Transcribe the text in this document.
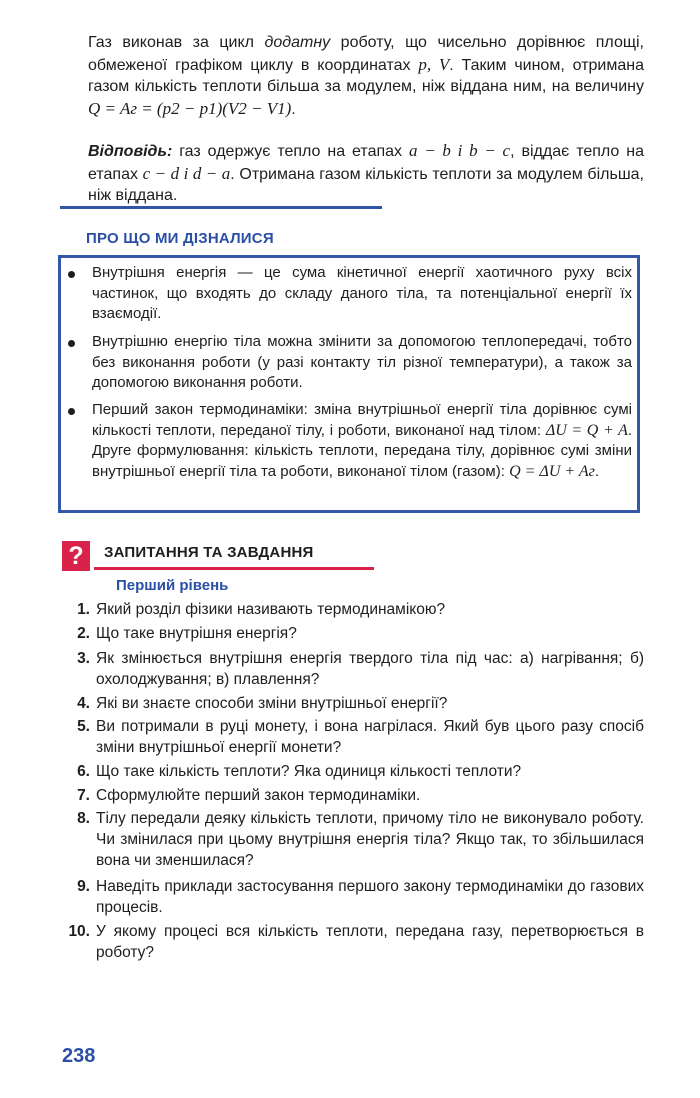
Газ виконав за цикл додатну роботу, що чисельно дорівнює площі, обмеженої графіком циклу в координатах p, V. Таким чином, отримана газом кількість теплоти більша за модулем, ніж віддана ним, на величину Q = Aг = (p2 − p1)(V2 − V1).

Відповідь: газ одержує тепло на етапах a − b і b − c, віддає тепло на етапах c − d і d − a. Отримана газом кількість теплоти за модулем більша, ніж віддана.

ПРО ЩО МИ ДІЗНАЛИСЯ

Внутрішня енергія — це сума кінетичної енергії хаотичного руху всіх частинок, що входять до складу даного тіла, та потенціальної енергії їх взаємодії.

Внутрішню енергію тіла можна змінити за допомогою теплопередачі, тобто без виконання роботи (у разі контакту тіл різної температури), а також за допомогою виконання роботи.

Перший закон термодинаміки: зміна внутрішньої енергії тіла дорівнює сумі кількості теплоти, переданої тілу, і роботи, виконаної над тілом: ΔU = Q + A. Друге формулювання: кількість теплоти, передана тілу, дорівнює сумі зміни внутрішньої енергії тіла та роботи, виконаної тілом (газом): Q = ΔU + Aг.

?	ЗАПИТАННЯ ТА ЗАВДАННЯ
Перший рівень
1. Який розділ фізики називають термодинамікою?

2. Що таке внутрішня енергія?

3. Як змінюється внутрішня енергія твердого тіла під час: а) нагрівання; б) охолоджування; в) плавлення?

4. Які ви знаєте способи зміни внутрішньої енергії?

5. Ви потримали в руці монету, і вона нагрілася. Який був цього разу спосіб зміни внутрішньої енергії монети?

6. Що таке кількість теплоти? Яка одиниця кількості теплоти?

7. Сформулюйте перший закон термодинаміки.

8. Тілу передали деяку кількість теплоти, причому тіло не виконувало роботу. Чи змінилася при цьому внутрішня енергія тіла? Якщо так, то збільшилася вона чи зменшилася?

9. Наведіть приклади застосування першого закону термодинаміки до газових процесів.

10. У якому процесі вся кількість теплоти, передана газу, перетворюється в роботу?

238
